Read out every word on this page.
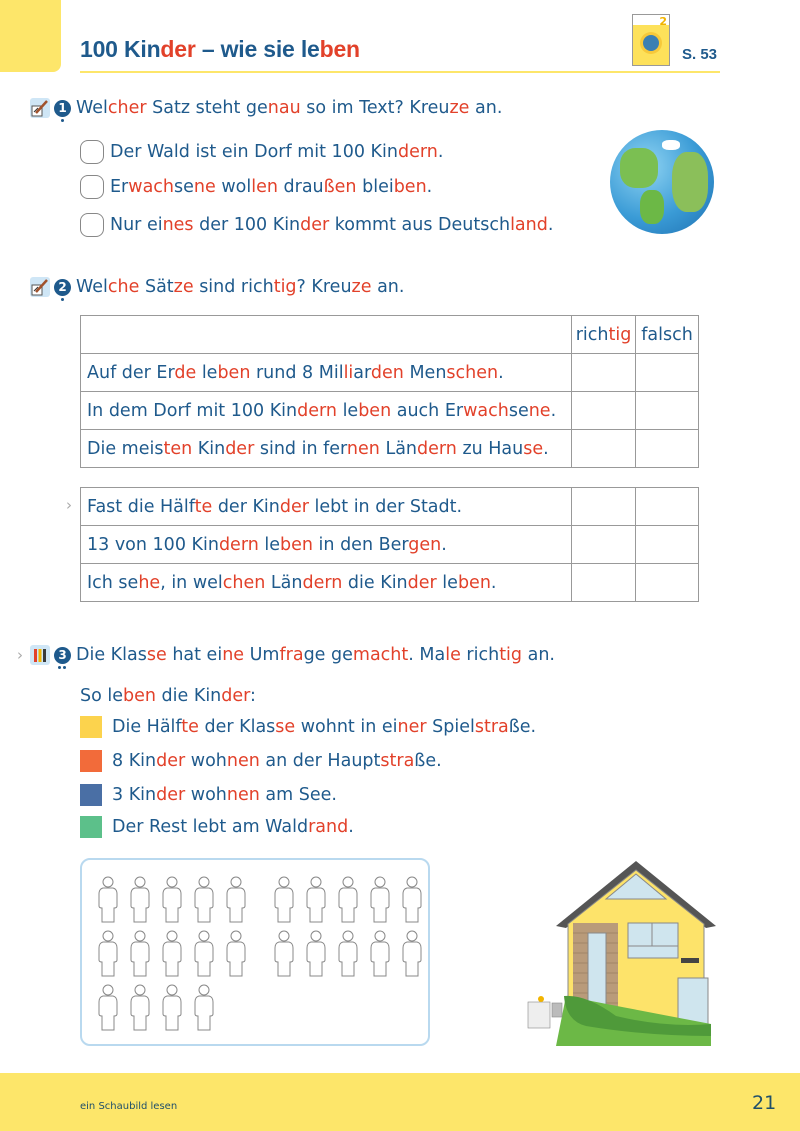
100 Kinder – wie sie leben
2
S. 53
1 Welcher Satz steht genau so im Text? Kreuze an.
Der Wald ist ein Dorf mit 100 Kindern.
Erwachsene wollen draußen bleiben.
Nur eines der 100 Kinder kommt aus Deutschland.
2 Welche Sätze sind richtig? Kreuze an.
	richtig	falsch
Auf der Erde leben rund 8 Milliarden Menschen.		
In dem Dorf mit 100 Kindern leben auch Erwachsene.		
Die meisten Kinder sind in fernen Ländern zu Hause.		
› Fast die Hälfte der Kinder lebt in der Stadt.		
13 von 100 Kindern leben in den Bergen.		
Ich sehe, in welchen Ländern die Kinder leben.		
›	3 Die Klasse hat eine Umfrage gemacht. Male richtig an.
So leben die Kinder:
Die Hälfte der Klasse wohnt in einer Spielstraße.
8 Kinder wohnen an der Hauptstraße.
3 Kinder wohnen am See.
Der Rest lebt am Waldrand.
ein Schaubild lesen	21
